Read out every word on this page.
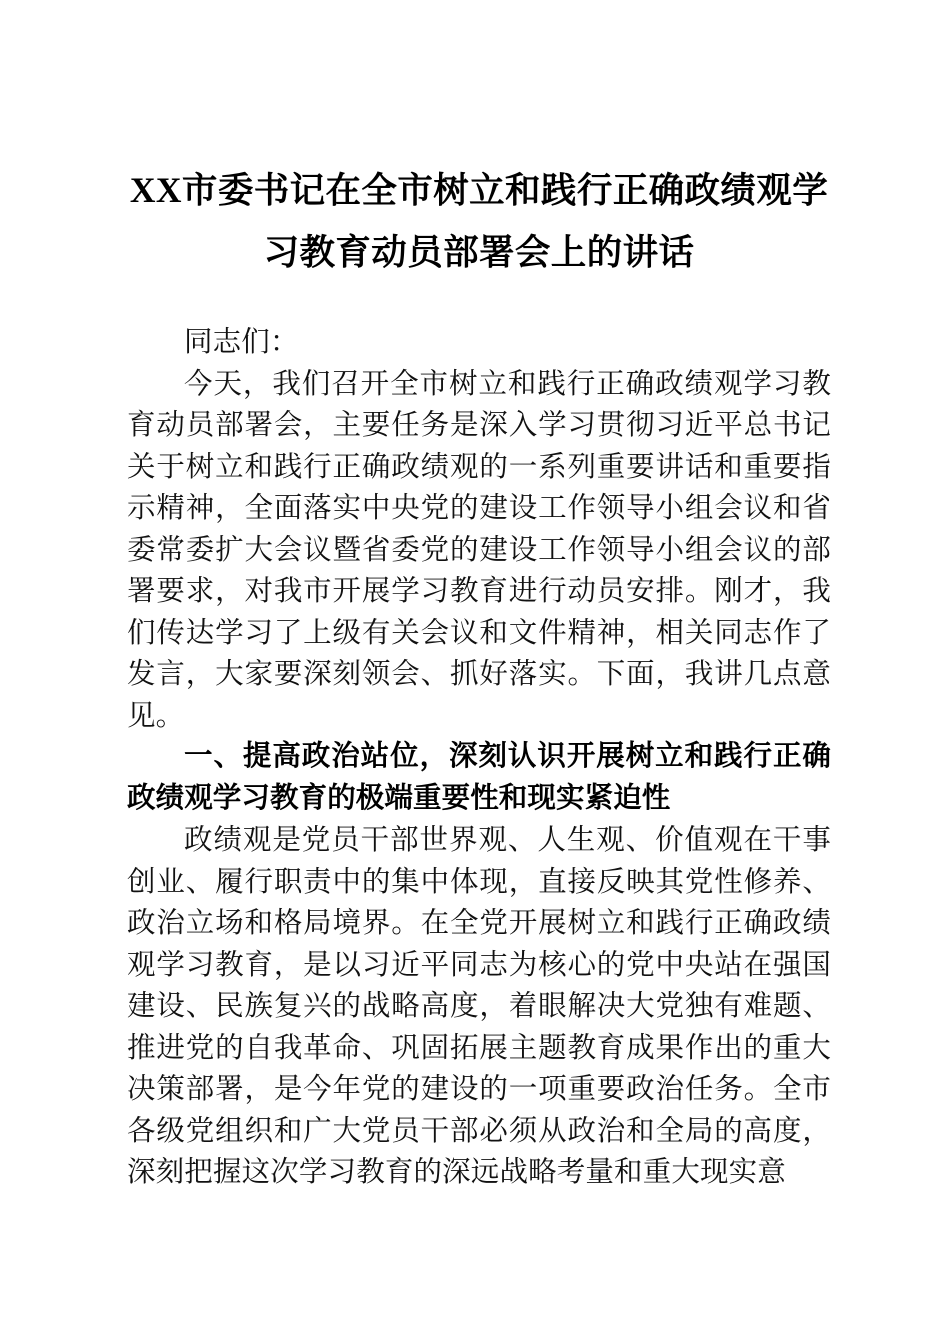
XX市委书记在全市树立和践行正确政绩观学习教育动员部署会上的讲话

同志们：

今天，我们召开全市树立和践行正确政绩观学习教育动员部署会，主要任务是深入学习贯彻习近平总书记关于树立和践行正确政绩观的一系列重要讲话和重要指示精神，全面落实中央党的建设工作领导小组会议和省委常委扩大会议暨省委党的建设工作领导小组会议的部署要求，对我市开展学习教育进行动员安排。刚才，我们传达学习了上级有关会议和文件精神，相关同志作了发言，大家要深刻领会、抓好落实。下面，我讲几点意见。

一、提高政治站位，深刻认识开展树立和践行正确政绩观学习教育的极端重要性和现实紧迫性

政绩观是党员干部世界观、人生观、价值观在干事创业、履行职责中的集中体现，直接反映其党性修养、政治立场和格局境界。在全党开展树立和践行正确政绩观学习教育，是以习近平同志为核心的党中央站在强国建设、民族复兴的战略高度，着眼解决大党独有难题、推进党的自我革命、巩固拓展主题教育成果作出的重大决策部署，是今年党的建设的一项重要政治任务。全市各级党组织和广大党员干部必须从政治和全局的高度，深刻把握这次学习教育的深远战略考量和重大现实意
